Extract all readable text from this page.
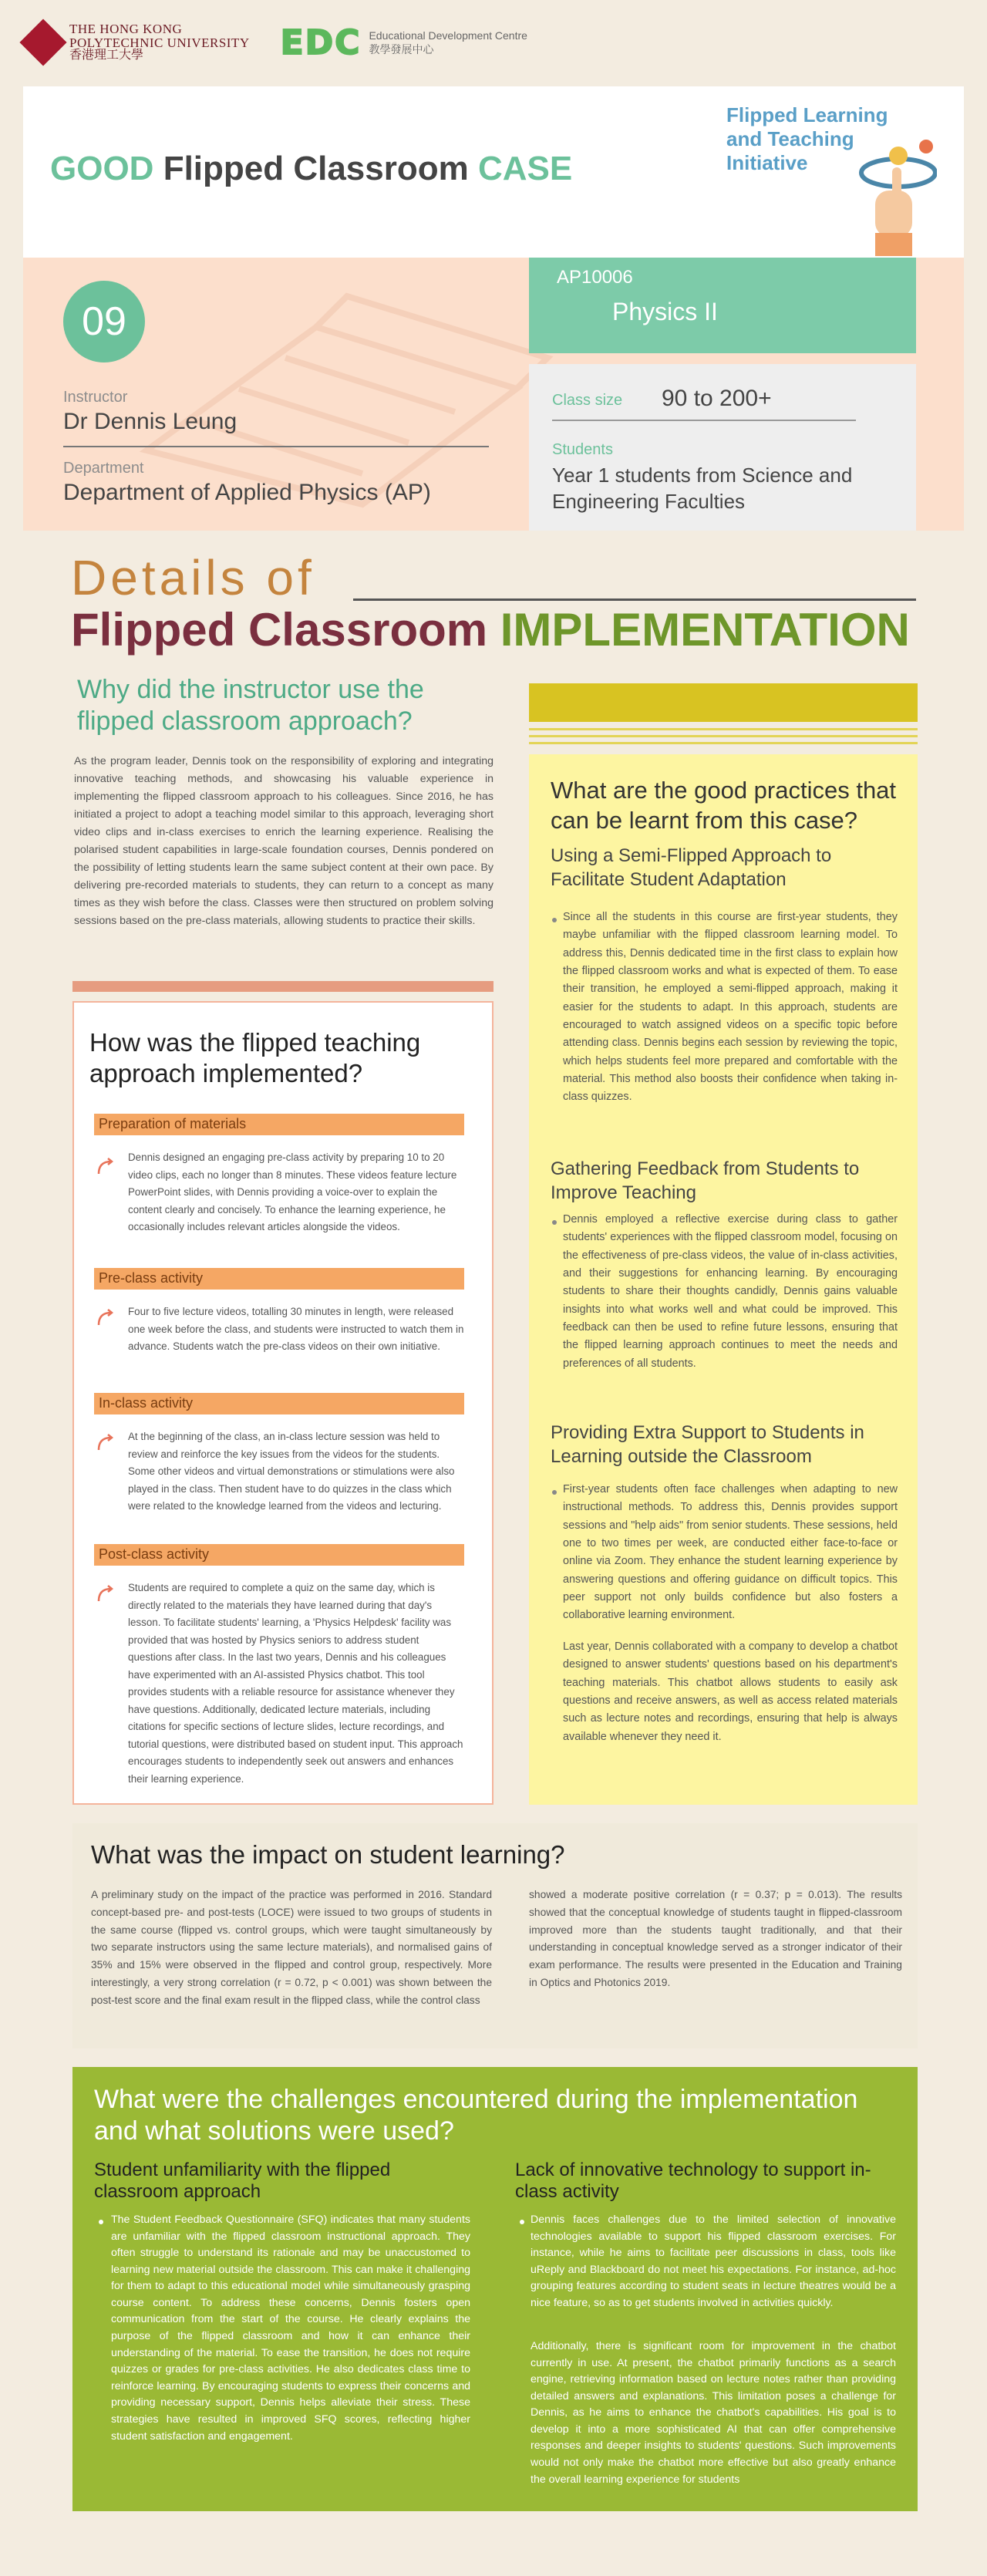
THE HONG KONG
POLYTECHNIC UNIVERSITY
香港理工大學	EDC Educational Development Centre
教學發展中心
GOOD Flipped Classroom CASE
Flipped Learning
and Teaching
Initiative
09
Instructor
Dr Dennis Leung
Department
Department of Applied Physics (AP)
AP10006
Physics II
Class size 90 to 200+
Students
Year 1 students from Science and Engineering Faculties
Details of
Flipped Classroom IMPLEMENTATION
Why did the instructor use the flipped classroom approach?
As the program leader, Dennis took on the responsibility of exploring and integrating innovative teaching methods, and showcasing his valuable experience in implementing the flipped classroom approach to his colleagues. Since 2016, he has initiated a project to adopt a teaching model similar to this approach, leveraging short video clips and in-class exercises to enrich the learning experience. Realising the polarised student capabilities in large-scale foundation courses, Dennis pondered on the possibility of letting students learn the same subject content at their own pace. By delivering pre-recorded materials to students, they can return to a concept as many times as they wish before the class. Classes were then structured on problem solving sessions based on the pre-class materials, allowing students to practice their skills.
How was the flipped teaching approach implemented?
Preparation of materials
Dennis designed an engaging pre-class activity by preparing 10 to 20 video clips, each no longer than 8 minutes. These videos feature lecture PowerPoint slides, with Dennis providing a voice-over to explain the content clearly and concisely. To enhance the learning experience, he occasionally includes relevant articles alongside the videos.
Pre-class activity
Four to five lecture videos, totalling 30 minutes in length, were released one week before the class, and students were instructed to watch them in advance. Students watch the pre-class videos on their own initiative.
In-class activity
At the beginning of the class, an in-class lecture session was held to review and reinforce the key issues from the videos for the students. Some other videos and virtual demonstrations or stimulations were also played in the class. Then student have to do quizzes in the class which were related to the knowledge learned from the videos and lecturing.
Post-class activity
Students are required to complete a quiz on the same day, which is directly related to the materials they have learned during that day's lesson. To facilitate students' learning, a 'Physics Helpdesk' facility was provided that was hosted by Physics seniors to address student questions after class. In the last two years, Dennis and his colleagues have experimented with an AI-assisted Physics chatbot. This tool provides students with a reliable resource for assistance whenever they have questions. Additionally, dedicated lecture materials, including citations for specific sections of lecture slides, lecture recordings, and tutorial questions, were distributed based on student input. This approach encourages students to independently seek out answers and enhances their learning experience.
What are the good practices that can be learnt from this case?
Using a Semi-Flipped Approach to Facilitate Student Adaptation
Since all the students in this course are first-year students, they maybe unfamiliar with the flipped classroom learning model. To address this, Dennis dedicated time in the first class to explain how the flipped classroom works and what is expected of them. To ease their transition, he employed a semi-flipped approach, making it easier for the students to adapt. In this approach, students are encouraged to watch assigned videos on a specific topic before attending class. Dennis begins each session by reviewing the topic, which helps students feel more prepared and comfortable with the material. This method also boosts their confidence when taking in-class quizzes.
Gathering Feedback from Students to Improve Teaching
Dennis employed a reflective exercise during class to gather students' experiences with the flipped classroom model, focusing on the effectiveness of pre-class videos, the value of in-class activities, and their suggestions for enhancing learning. By encouraging students to share their thoughts candidly, Dennis gains valuable insights into what works well and what could be improved. This feedback can then be used to refine future lessons, ensuring that the flipped learning approach continues to meet the needs and preferences of all students.
Providing Extra Support to Students in Learning outside the Classroom
First-year students often face challenges when adapting to new instructional methods. To address this, Dennis provides support sessions and "help aids" from senior students. These sessions, held one to two times per week, are conducted either face-to-face or online via Zoom. They enhance the student learning experience by answering questions and offering guidance on difficult topics. This peer support not only builds confidence but also fosters a collaborative learning environment.
Last year, Dennis collaborated with a company to develop a chatbot designed to answer students' questions based on his department's teaching materials. This chatbot allows students to easily ask questions and receive answers, as well as access related materials such as lecture notes and recordings, ensuring that help is always available whenever they need it.
What was the impact on student learning?
A preliminary study on the impact of the practice was performed in 2016. Standard concept-based pre- and post-tests (LOCE) were issued to two groups of students in the same course (flipped vs. control groups, which were taught simultaneously by two separate instructors using the same lecture materials), and normalised gains of 35% and 15% were observed in the flipped and control group, respectively. More interestingly, a very strong correlation (r = 0.72, p < 0.001) was shown between the post-test score and the final exam result in the flipped class, while the control class
showed a moderate positive correlation (r = 0.37; p = 0.013). The results showed that the conceptual knowledge of students taught in flipped-classroom improved more than the students taught traditionally, and that their understanding in conceptual knowledge served as a stronger indicator of their exam performance. The results were presented in the Education and Training in Optics and Photonics 2019.
What were the challenges encountered during the implementation and what solutions were used?
Student unfamiliarity with the flipped classroom approach
The Student Feedback Questionnaire (SFQ) indicates that many students are unfamiliar with the flipped classroom instructional approach. They often struggle to understand its rationale and may be unaccustomed to learning new material outside the classroom. This can make it challenging for them to adapt to this educational model while simultaneously grasping course content. To address these concerns, Dennis fosters open communication from the start of the course. He clearly explains the purpose of the flipped classroom and how it can enhance their understanding of the material. To ease the transition, he does not require quizzes or grades for pre-class activities. He also dedicates class time to reinforce learning. By encouraging students to express their concerns and providing necessary support, Dennis helps alleviate their stress. These strategies have resulted in improved SFQ scores, reflecting higher student satisfaction and engagement.
Lack of innovative technology to support in-class activity
Dennis faces challenges due to the limited selection of innovative technologies available to support his flipped classroom exercises. For instance, while he aims to facilitate peer discussions in class, tools like uReply and Blackboard do not meet his expectations. For instance, ad-hoc grouping features according to student seats in lecture theatres would be a nice feature, so as to get students involved in activities quickly.
Additionally, there is significant room for improvement in the chatbot currently in use. At present, the chatbot primarily functions as a search engine, retrieving information based on lecture notes rather than providing detailed answers and explanations. This limitation poses a challenge for Dennis, as he aims to enhance the chatbot's capabilities. His goal is to develop it into a more sophisticated AI that can offer comprehensive responses and deeper insights to students' questions. Such improvements would not only make the chatbot more effective but also greatly enhance the overall learning experience for students
